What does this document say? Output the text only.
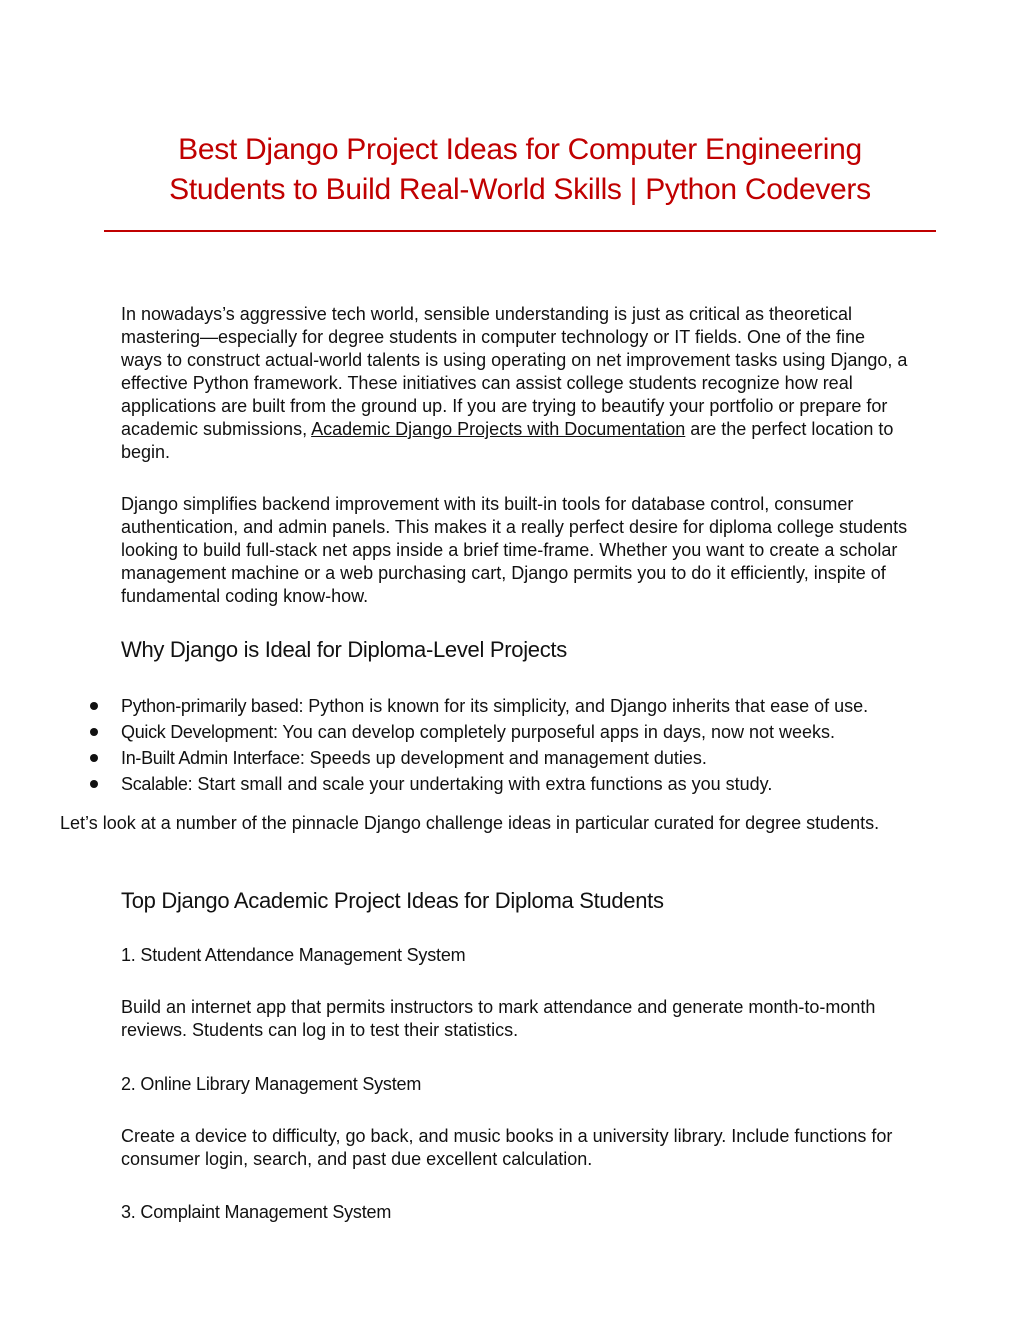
Best Django Project Ideas for Computer Engineering
Students to Build Real-World Skills | Python Codevers

In nowadays’s aggressive tech world, sensible understanding is just as critical as theoretical mastering—especially for degree students in computer technology or IT fields. One of the fine ways to construct actual-world talents is using operating on net improvement tasks using Django, a effective Python framework. These initiatives can assist college students recognize how real applications are built from the ground up. If you are trying to beautify your portfolio or prepare for academic submissions, Academic Django Projects with Documentation are the perfect location to begin.

Django simplifies backend improvement with its built-in tools for database control, consumer authentication, and admin panels. This makes it a really perfect desire for diploma college students looking to build full-stack net apps inside a brief time-frame. Whether you want to create a scholar management machine or a web purchasing cart, Django permits you to do it efficiently, inspite of fundamental coding know-how.

Why Django is Ideal for Diploma-Level Projects
Python-primarily based: Python is known for its simplicity, and Django inherits that ease of use.
Quick Development: You can develop completely purposeful apps in days, now not weeks.
In-Built Admin Interface: Speeds up development and management duties.
Scalable: Start small and scale your undertaking with extra functions as you study.

Let’s look at a number of the pinnacle Django challenge ideas in particular curated for degree students.

Top Django Academic Project Ideas for Diploma Students
1. Student Attendance Management System

Build an internet app that permits instructors to mark attendance and generate month-to-month reviews. Students can log in to test their statistics.

2. Online Library Management System

Create a device to difficulty, go back, and music books in a university library. Include functions for consumer login, search, and past due excellent calculation.

3. Complaint Management System
